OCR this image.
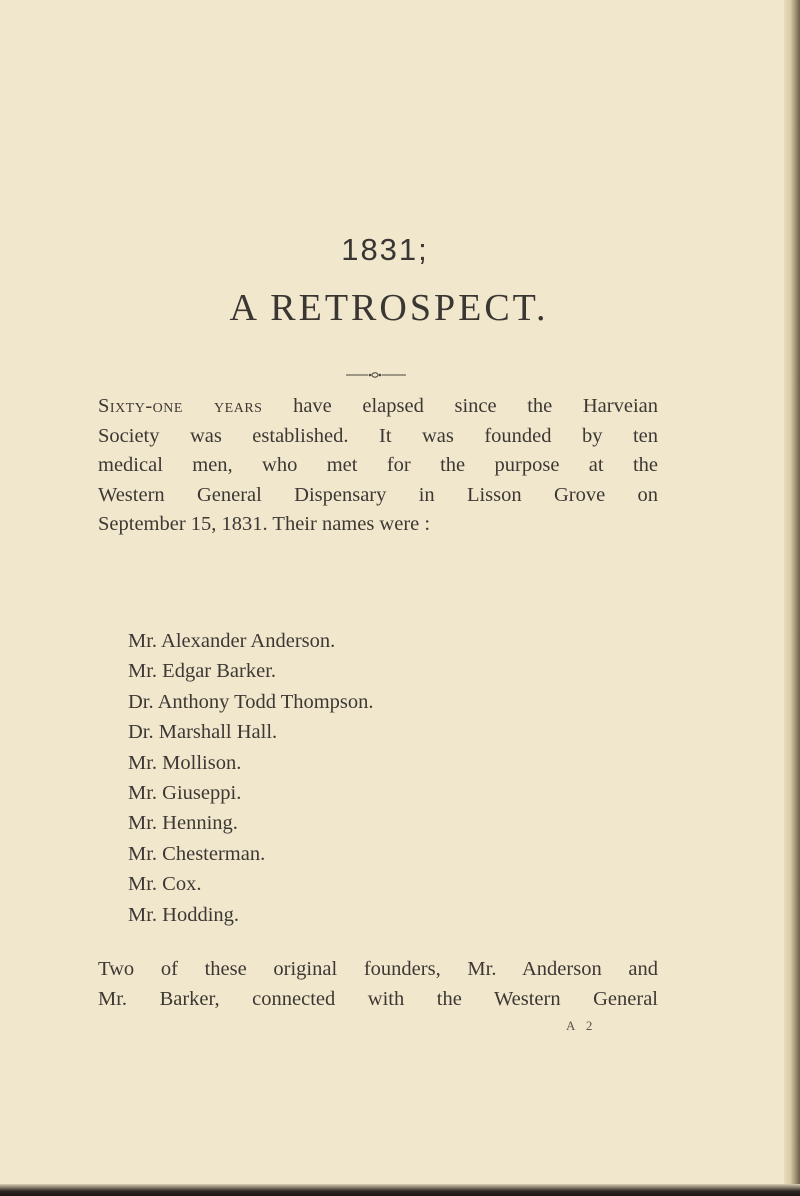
1831;
A RETROSPECT.
Sixty-one years have elapsed since the Harveian
Society was established. It was founded by ten
medical men, who met for the purpose at the
Western General Dispensary in Lisson Grove on
September 15, 1831. Their names were :
Mr. Alexander Anderson.
Mr. Edgar Barker.
Dr. Anthony Todd Thompson.
Dr. Marshall Hall.
Mr. Mollison.
Mr. Giuseppi.
Mr. Henning.
Mr. Chesterman.
Mr. Cox.
Mr. Hodding.
Two of these original founders, Mr. Anderson and
Mr. Barker, connected with the Western General
A 2
